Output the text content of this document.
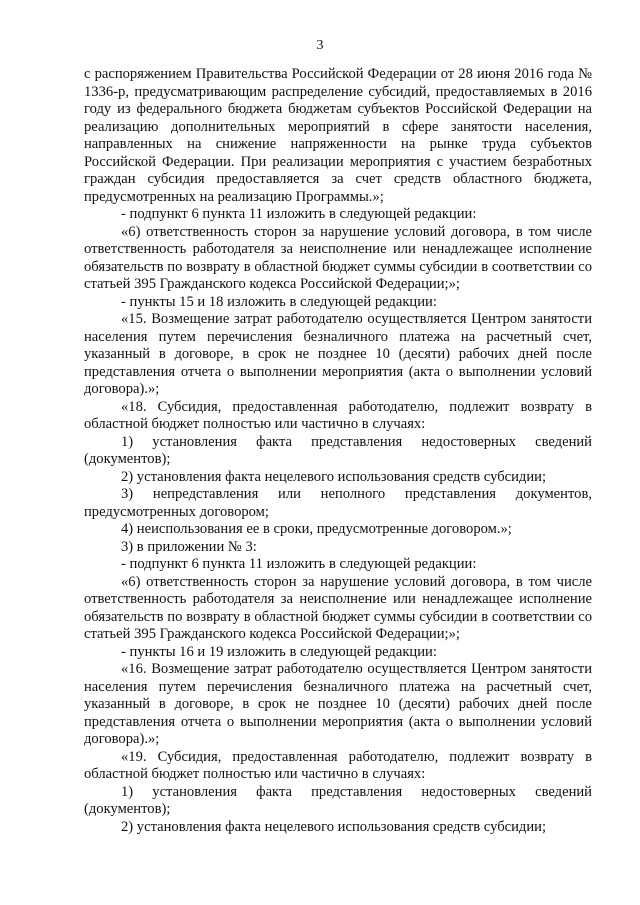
3

с распоряжением Правительства Российской Федерации от 28 июня 2016 года № 1336-р, предусматривающим распределение субсидий, предоставляемых в 2016 году из федерального бюджета бюджетам субъектов Российской Федерации на реализацию дополнительных мероприятий в сфере занятости населения, направленных на снижение напряженности на рынке труда субъектов Российской Федерации. При реализации мероприятия с участием безработных граждан субсидия предоставляется за счет средств областного бюджета, предусмотренных на реализацию Программы.»;

- подпункт 6 пункта 11 изложить в следующей редакции:

«6) ответственность сторон за нарушение условий договора, в том числе ответственность работодателя за неисполнение или ненадлежащее исполнение обязательств по возврату в областной бюджет суммы субсидии в соответствии со статьей 395 Гражданского кодекса Российской Федерации;»;

- пункты 15 и 18 изложить в следующей редакции:

«15. Возмещение затрат работодателю осуществляется Центром занятости населения путем перечисления безналичного платежа на расчетный счет, указанный в договоре, в срок не позднее 10 (десяти) рабочих дней после представления отчета о выполнении мероприятия (акта о выполнении условий договора).»;

«18. Субсидия, предоставленная работодателю, подлежит возврату в областной бюджет полностью или частично в случаях:

1) установления факта представления недостоверных сведений (документов);

2) установления факта нецелевого использования средств субсидии;

3) непредставления или неполного представления документов, предусмотренных договором;

4) неиспользования ее в сроки, предусмотренные договором.»;

3) в приложении № 3:

- подпункт 6 пункта 11 изложить в следующей редакции:

«6) ответственность сторон за нарушение условий договора, в том числе ответственность работодателя за неисполнение или ненадлежащее исполнение обязательств по возврату в областной бюджет суммы субсидии в соответствии со статьей 395 Гражданского кодекса Российской Федерации;»;

- пункты 16 и 19 изложить в следующей редакции:

«16. Возмещение затрат работодателю осуществляется Центром занятости населения путем перечисления безналичного платежа на расчетный счет, указанный в договоре, в срок не позднее 10 (десяти) рабочих дней после представления отчета о выполнении мероприятия (акта о выполнении условий договора).»;

«19. Субсидия, предоставленная работодателю, подлежит возврату в областной бюджет полностью или частично в случаях:

1) установления факта представления недостоверных сведений (документов);

2) установления факта нецелевого использования средств субсидии;
